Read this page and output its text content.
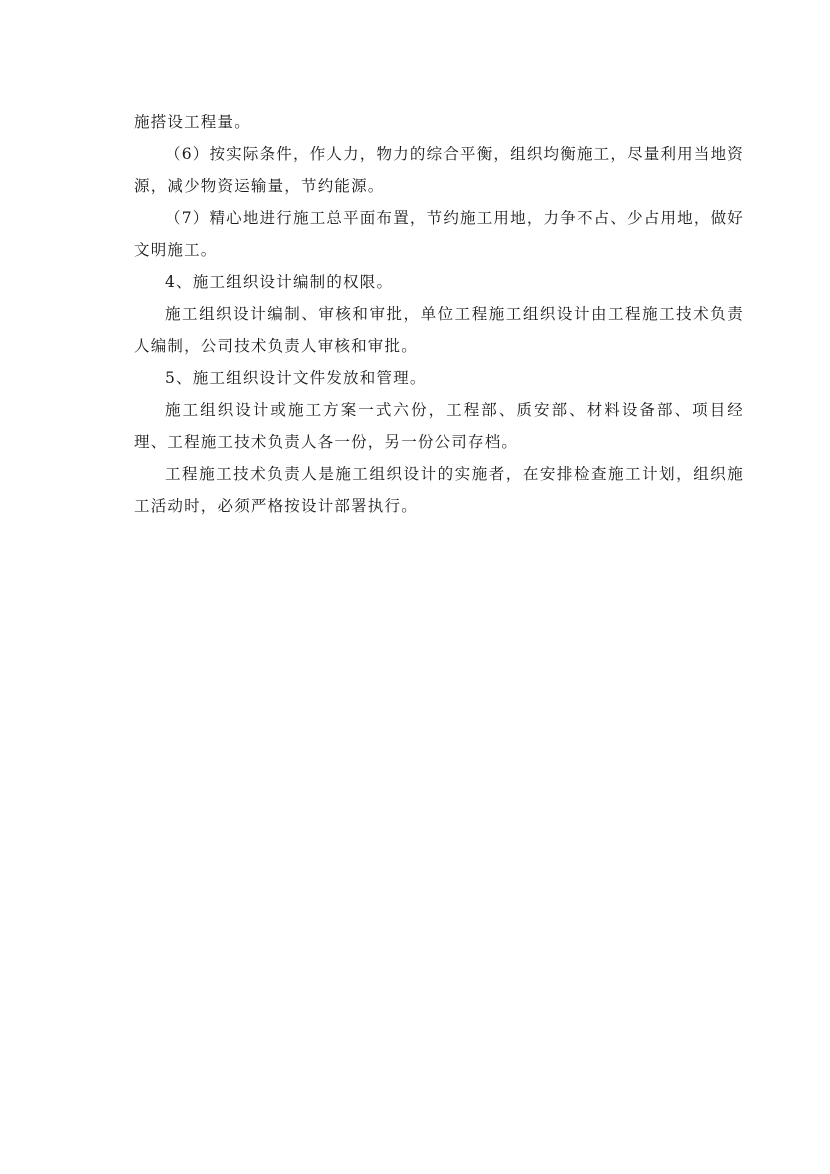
施搭设工程量。

（6）按实际条件，作人力，物力的综合平衡，组织均衡施工，尽量利用当地资源，减少物资运输量，节约能源。

（7）精心地进行施工总平面布置，节约施工用地，力争不占、少占用地，做好文明施工。

4、施工组织设计编制的权限。

施工组织设计编制、审核和审批，单位工程施工组织设计由工程施工技术负责人编制，公司技术负责人审核和审批。

5、施工组织设计文件发放和管理。

施工组织设计或施工方案一式六份，工程部、质安部、材料设备部、项目经理、工程施工技术负责人各一份，另一份公司存档。

工程施工技术负责人是施工组织设计的实施者，在安排检查施工计划，组织施工活动时，必须严格按设计部署执行。
